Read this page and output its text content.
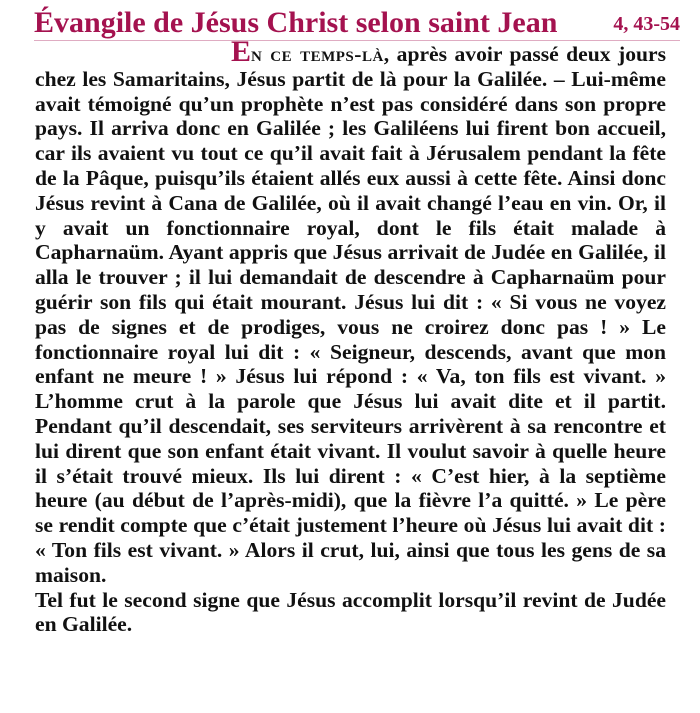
Évangile de Jésus Christ selon saint Jean	4, 43-54

En ce temps-là, après avoir passé deux jours chez les Samaritains, Jésus partit de là pour la Galilée. – Lui-même avait témoigné qu’un prophète n’est pas considéré dans son propre pays. Il arriva donc en Galilée ; les Galiléens lui firent bon accueil, car ils avaient vu tout ce qu’il avait fait à Jérusalem pendant la fête de la Pâque, puisqu’ils étaient allés eux aussi à cette fête. Ainsi donc Jésus revint à Cana de Galilée, où il avait changé l’eau en vin. Or, il y avait un fonctionnaire royal, dont le fils était malade à Capharnaüm. Ayant appris que Jésus arrivait de Judée en Galilée, il alla le trouver ; il lui demandait de descendre à Capharnaüm pour guérir son fils qui était mourant. Jésus lui dit : « Si vous ne voyez pas de signes et de prodiges, vous ne croirez donc pas ! » Le fonctionnaire royal lui dit : « Seigneur, descends, avant que mon enfant ne meure ! » Jésus lui répond : « Va, ton fils est vivant. » L’homme crut à la parole que Jésus lui avait dite et il partit. Pendant qu’il descendait, ses serviteurs arrivèrent à sa rencontre et lui dirent que son enfant était vivant. Il voulut savoir à quelle heure il s’était trouvé mieux. Ils lui dirent : « C’est hier, à la septième heure (au début de l’après-midi), que la fièvre l’a quitté. » Le père se rendit compte que c’était justement l’heure où Jésus lui avait dit : « Ton fils est vivant. » Alors il crut, lui, ainsi que tous les gens de sa maison.

Tel fut le second signe que Jésus accomplit lorsqu’il revint de Judée en Galilée.
